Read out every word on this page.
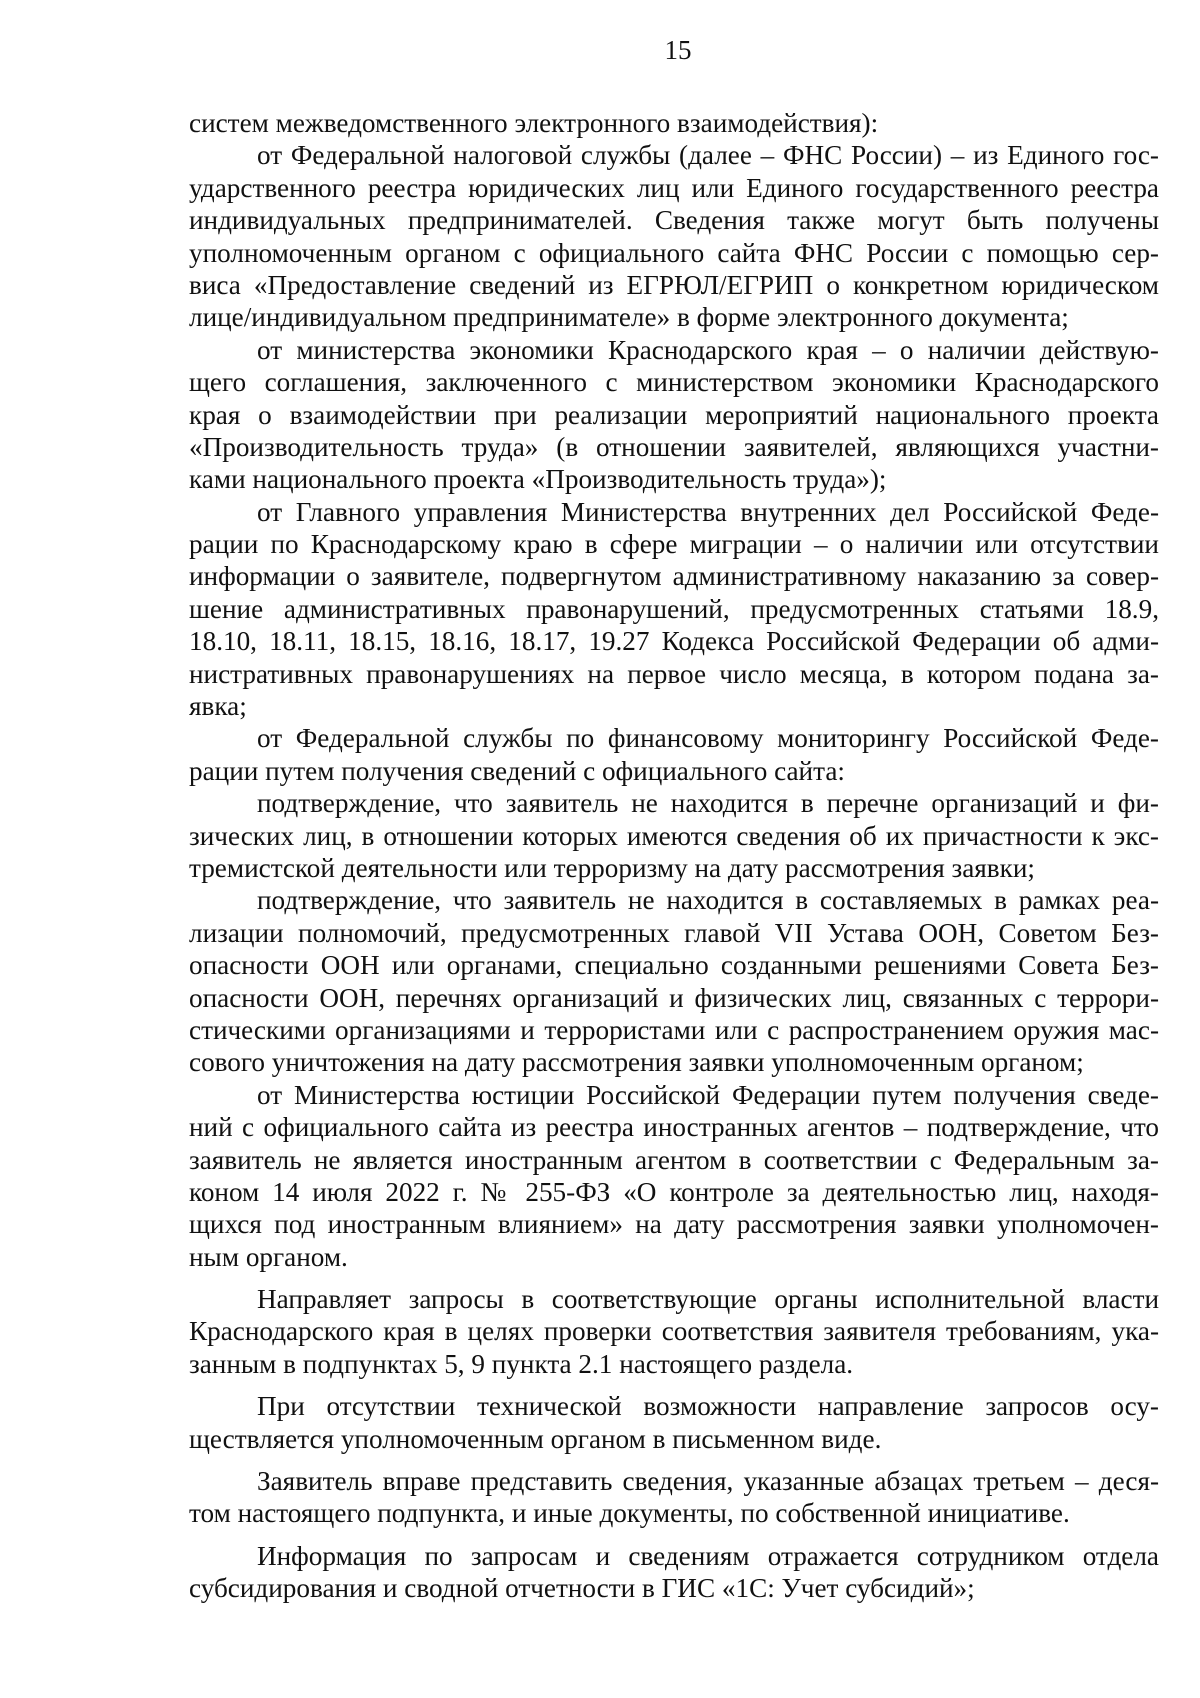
15
систем межведомственного электронного взаимодействия):
от Федеральной налоговой службы (далее – ФНС России) – из Единого гос-
ударственного реестра юридических лиц или Единого государственного реестра
индивидуальных предпринимателей. Сведения также могут быть получены
уполномоченным органом с официального сайта ФНС России с помощью сер-
виса «Предоставление сведений из ЕГРЮЛ/ЕГРИП о конкретном юридическом
лице/индивидуальном предпринимателе» в форме электронного документа;
от министерства экономики Краснодарского края – о наличии действую-
щего соглашения, заключенного с министерством экономики Краснодарского
края о взаимодействии при реализации мероприятий национального проекта
«Производительность труда» (в отношении заявителей, являющихся участни-
ками национального проекта «Производительность труда»);
от Главного управления Министерства внутренних дел Российской Феде-
рации по Краснодарскому краю в сфере миграции – о наличии или отсутствии
информации о заявителе, подвергнутом административному наказанию за совер-
шение административных правонарушений, предусмотренных статьями 18.9,
18.10, 18.11, 18.15, 18.16, 18.17, 19.27 Кодекса Российской Федерации об адми-
нистративных правонарушениях на первое число месяца, в котором подана за-
явка;
от Федеральной службы по финансовому мониторингу Российской Феде-
рации путем получения сведений с официального сайта:
подтверждение, что заявитель не находится в перечне организаций и фи-
зических лиц, в отношении которых имеются сведения об их причастности к экс-
тремистской деятельности или терроризму на дату рассмотрения заявки;
подтверждение, что заявитель не находится в составляемых в рамках реа-
лизации полномочий, предусмотренных главой VII Устава ООН, Советом Без-
опасности ООН или органами, специально созданными решениями Совета Без-
опасности ООН, перечнях организаций и физических лиц, связанных с террори-
стическими организациями и террористами или с распространением оружия мас-
сового уничтожения на дату рассмотрения заявки уполномоченным органом;
от Министерства юстиции Российской Федерации путем получения сведе-
ний с официального сайта из реестра иностранных агентов – подтверждение, что
заявитель не является иностранным агентом в соответствии с Федеральным за-
коном 14 июля 2022 г. № 255-ФЗ «О контроле за деятельностью лиц, находя-
щихся под иностранным влиянием» на дату рассмотрения заявки уполномочен-
ным органом.
Направляет запросы в соответствующие органы исполнительной власти
Краснодарского края в целях проверки соответствия заявителя требованиям, ука-
занным в подпунктах 5, 9 пункта 2.1 настоящего раздела.
При отсутствии технической возможности направление запросов осу-
ществляется уполномоченным органом в письменном виде.
Заявитель вправе представить сведения, указанные абзацах третьем – деся-
том настоящего подпункта, и иные документы, по собственной инициативе.
Информация по запросам и сведениям отражается сотрудником отдела
субсидирования и сводной отчетности в ГИС «1С: Учет субсидий»;
